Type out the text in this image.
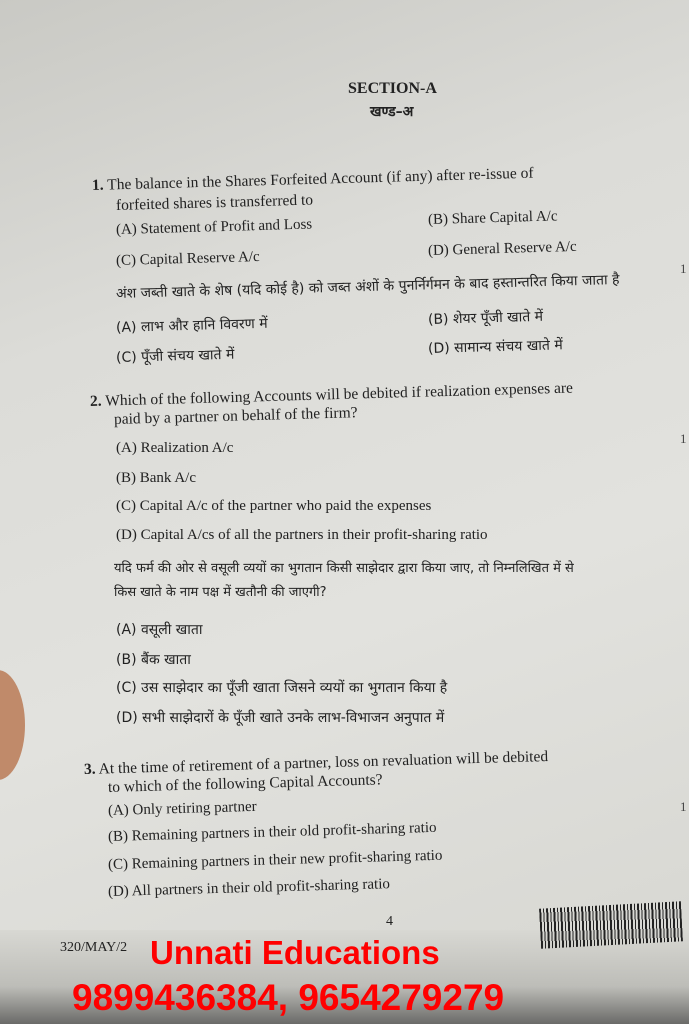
SECTION-A
खण्ड–अ
1. The balance in the Shares Forfeited Account (if any) after re-issue of
forfeited shares is transferred to
(A) Statement of Profit and Loss	(B) Share Capital A/c
(C) Capital Reserve A/c	(D) General Reserve A/c
अंश जब्ती खाते के शेष (यदि कोई है) को जब्त अंशों के पुनर्निर्गमन के बाद हस्तान्तरित किया जाता है
(A) लाभ और हानि विवरण में	(B) शेयर पूँजी खाते में
(C) पूँजी संचय खाते में	(D) सामान्य संचय खाते में
2. Which of the following Accounts will be debited if realization expenses are
paid by a partner on behalf of the firm?
(A) Realization A/c
(B) Bank A/c
(C) Capital A/c of the partner who paid the expenses
(D) Capital A/cs of all the partners in their profit-sharing ratio
यदि फर्म की ओर से वसूली व्ययों का भुगतान किसी साझेदार द्वारा किया जाए, तो निम्नलिखित में से
किस खाते के नाम पक्ष में खतौनी की जाएगी?
(A) वसूली खाता
(B) बैंक खाता
(C) उस साझेदार का पूँजी खाता जिसने व्ययों का भुगतान किया है
(D) सभी साझेदारों के पूँजी खाते उनके लाभ-विभाजन अनुपात में
3. At the time of retirement of a partner, loss on revaluation will be debited
to which of the following Capital Accounts?
(A) Only retiring partner
(B) Remaining partners in their old profit-sharing ratio
(C) Remaining partners in their new profit-sharing ratio
(D) All partners in their old profit-sharing ratio
1
1
1
320/MAY/2
4
Unnati Educations
9899436384, 9654279279
